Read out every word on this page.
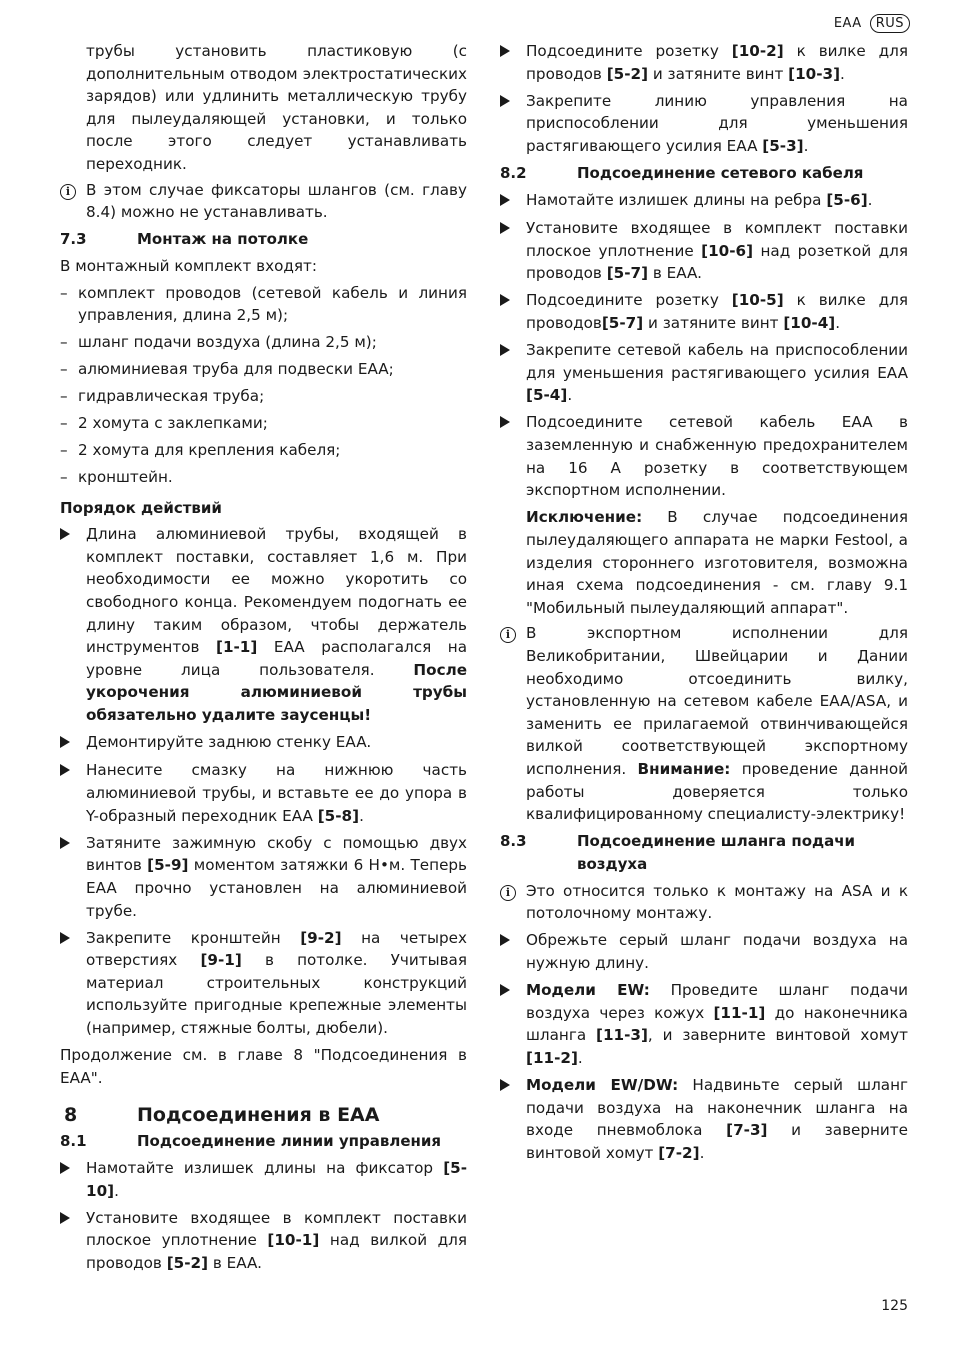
EAA	RUS

трубы установить пластиковую (с дополнительным отводом электростатических зарядов) или удлинить металлическую трубу для пылеудаляющей установки, и только после этого следует устанавливать переходник.

i	В этом случае фиксаторы шлангов (см. главу 8.4) можно не устанавливать.
7.3	Монтаж на потолке

В монтажный комплект входят:

– комплект проводов (сетевой кабель и линия управления, длина 2,5 м);
– шланг подачи воздуха (длина 2,5 м);
– алюминиевая труба для подвески EAA;
– гидравлическая труба;
– 2 хомута с заклепками;
– 2 хомута для крепления кабеля;
– кронштейн.
Порядок действий
Длина алюминиевой трубы, входящей в комплект поставки, составляет 1,6 м. При необходимости ее можно укоротить со свободного конца. Рекомендуем подогнать ее длину таким образом, чтобы держатель инструментов [1-1] EAA располагался на уровне лица пользователя. После укорочения алюминиевой трубы обязательно удалите заусенцы!
Демонтируйте заднюю стенку EAA.
Нанесите смазку на нижнюю часть алюминиевой трубы, и вставьте ее до упора в Y-образный переходник EAA [5-8].
Затяните зажимную скобу с помощью двух винтов [5-9] моментом затяжки 6 Н•м. Теперь EAA прочно установлен на алюминиевой трубе.
Закрепите кронштейн [9-2] на четырех отверстиях [9-1] в потолке. Учитывая материал строительных конструкций используйте пригодные крепежные элементы (например, стяжные болты, дюбели).

Продолжение см. в главе 8 "Подсоединения в EAA".

8	Подсоединения в EAA
8.1	Подсоединение линии управления
Намотайте излишек длины на фиксатор [5-10].
Установите входящее в комплект поставки плоское уплотнение [10-1] над вилкой для проводов [5-2] в EAA.
Подсоедините розетку [10-2] к вилке для проводов [5-2] и затяните винт [10-3].
Закрепите линию управления на приспособлении для уменьшения растягивающего усилия EAA [5-3].
8.2	Подсоединение сетевого кабеля
Намотайте излишек длины на ребра [5-6].
Установите входящее в комплект поставки плоское уплотнение [10-6] над розеткой для проводов [5-7] в EAA.
Подсоедините розетку [10-5] к вилке для проводов[5-7] и затяните винт [10-4].
Закрепите сетевой кабель на приспособлении для уменьшения растягивающего усилия EAA [5-4].
Подсоедините сетевой кабель EAA в заземленную и снабженную предохранителем на 16 A розетку в соответствующем экспортном исполнении.

Исключение: В случае подсоединения пылеудаляющего аппарата не марки Festool, а изделия стороннего изготовителя, возможна иная схема подсоединения - см. главу 9.1 "Мобильный пылеудаляющий аппарат".

i	В экспортном исполнении для Великобритании, Швейцарии и Дании необходимо отсоединить вилку, установленную на сетевом кабеле EAA/ASA, и заменить ее прилагаемой отвинчивающейся вилкой соответствующей экспортному исполнения. Внимание: проведение данной работы доверяется только квалифицированному специалисту-электрику!
8.3	Подсоединение шланга подачи воздуха
i	Это относится только к монтажу на ASA и к потолочному монтажу.
Обрежьте серый шланг подачи воздуха на нужную длину.
Модели EW: Проведите шланг подачи воздуха через кожух [11-1] до наконечника шланга [11-3], и заверните винтовой хомут [11-2].
Модели EW/DW: Надвиньте серый шланг подачи воздуха на наконечник шланга на входе пневмоблока [7-3] и заверните винтовой хомут [7-2].
125
